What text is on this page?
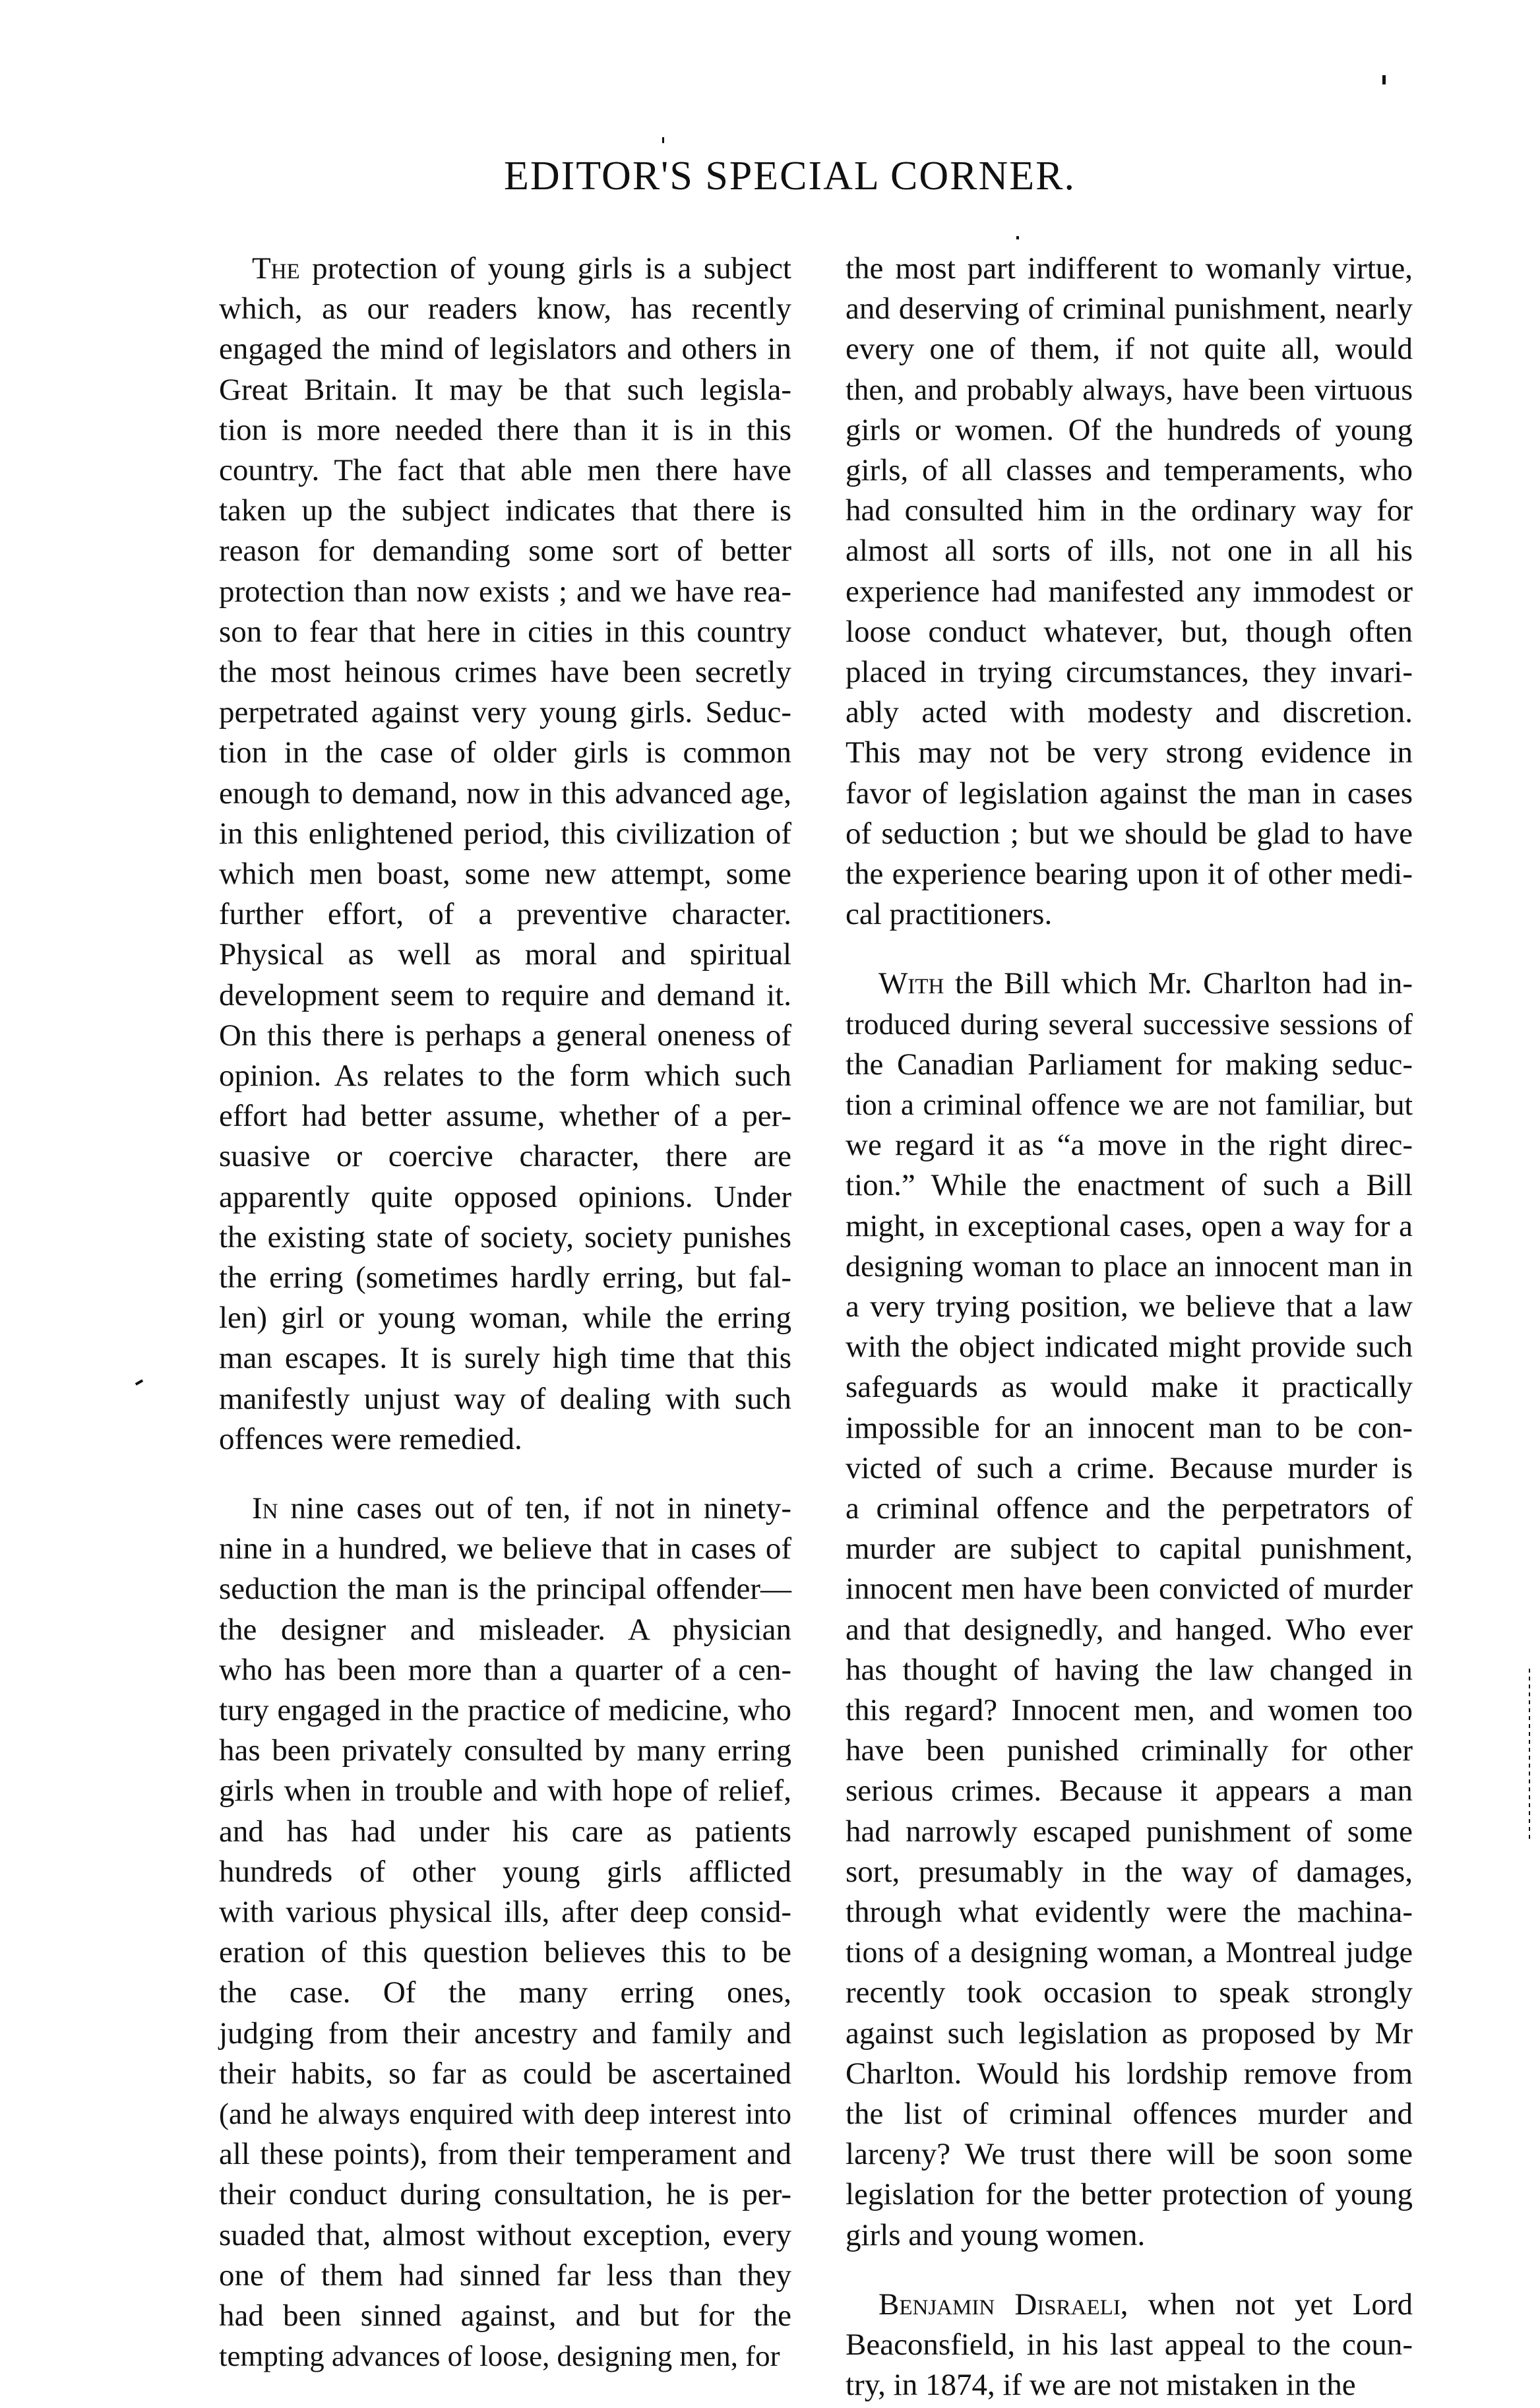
EDITOR'S SPECIAL CORNER.
The protection of young girls is a subject
which, as our readers know, has recently
engaged the mind of legislators and others in
Great Britain. It may be that such legisla-
tion is more needed there than it is in this
country. The fact that able men there have
taken up the subject indicates that there is
reason for demanding some sort of better
protection than now exists ; and we have rea-
son to fear that here in cities in this country
the most heinous crimes have been secretly
perpetrated against very young girls. Seduc-
tion in the case of older girls is common
enough to demand, now in this advanced age,
in this enlightened period, this civilization of
which men boast, some new attempt, some
further effort, of a preventive character.
Physical as well as moral and spiritual
development seem to require and demand it.
On this there is perhaps a general oneness of
opinion. As relates to the form which such
effort had better assume, whether of a per-
suasive or coercive character, there are
apparently quite opposed opinions. Under
the existing state of society, society punishes
the erring (sometimes hardly erring, but fal-
len) girl or young woman, while the erring
man escapes. It is surely high time that this
manifestly unjust way of dealing with such
offences were remedied.
In nine cases out of ten, if not in ninety-
nine in a hundred, we believe that in cases of
seduction the man is the principal offender—
the designer and misleader. A physician
who has been more than a quarter of a cen-
tury engaged in the practice of medicine, who
has been privately consulted by many erring
girls when in trouble and with hope of relief,
and has had under his care as patients
hundreds of other young girls afflicted
with various physical ills, after deep consid-
eration of this question believes this to be
the case. Of the many erring ones,
judging from their ancestry and family and
their habits, so far as could be ascertained
(and he always enquired with deep interest into
all these points), from their temperament and
their conduct during consultation, he is per-
suaded that, almost without exception, every
one of them had sinned far less than they
had been sinned against, and but for the
tempting advances of loose, designing men, for
the most part indifferent to womanly virtue,
and deserving of criminal punishment, nearly
every one of them, if not quite all, would
then, and probably always, have been virtuous
girls or women. Of the hundreds of young
girls, of all classes and temperaments, who
had consulted him in the ordinary way for
almost all sorts of ills, not one in all his
experience had manifested any immodest or
loose conduct whatever, but, though often
placed in trying circumstances, they invari-
ably acted with modesty and discretion.
This may not be very strong evidence in
favor of legislation against the man in cases
of seduction ; but we should be glad to have
the experience bearing upon it of other medi-
cal practitioners.
With the Bill which Mr. Charlton had in-
troduced during several successive sessions of
the Canadian Parliament for making seduc-
tion a criminal offence we are not familiar, but
we regard it as “a move in the right direc-
tion.” While the enactment of such a Bill
might, in exceptional cases, open a way for a
designing woman to place an innocent man in
a very trying position, we believe that a law
with the object indicated might provide such
safeguards as would make it practically
impossible for an innocent man to be con-
victed of such a crime. Because murder is
a criminal offence and the perpetrators of
murder are subject to capital punishment,
innocent men have been convicted of murder
and that designedly, and hanged. Who ever
has thought of having the law changed in
this regard? Innocent men, and women too
have been punished criminally for other
serious crimes. Because it appears a man
had narrowly escaped punishment of some
sort, presumably in the way of damages,
through what evidently were the machina-
tions of a designing woman, a Montreal judge
recently took occasion to speak strongly
against such legislation as proposed by Mr
Charlton. Would his lordship remove from
the list of criminal offences murder and
larceny? We trust there will be soon some
legislation for the better protection of young
girls and young women.
Benjamin Disraeli, when not yet Lord
Beaconsfield, in his last appeal to the coun-
try, in 1874, if we are not mistaken in the
